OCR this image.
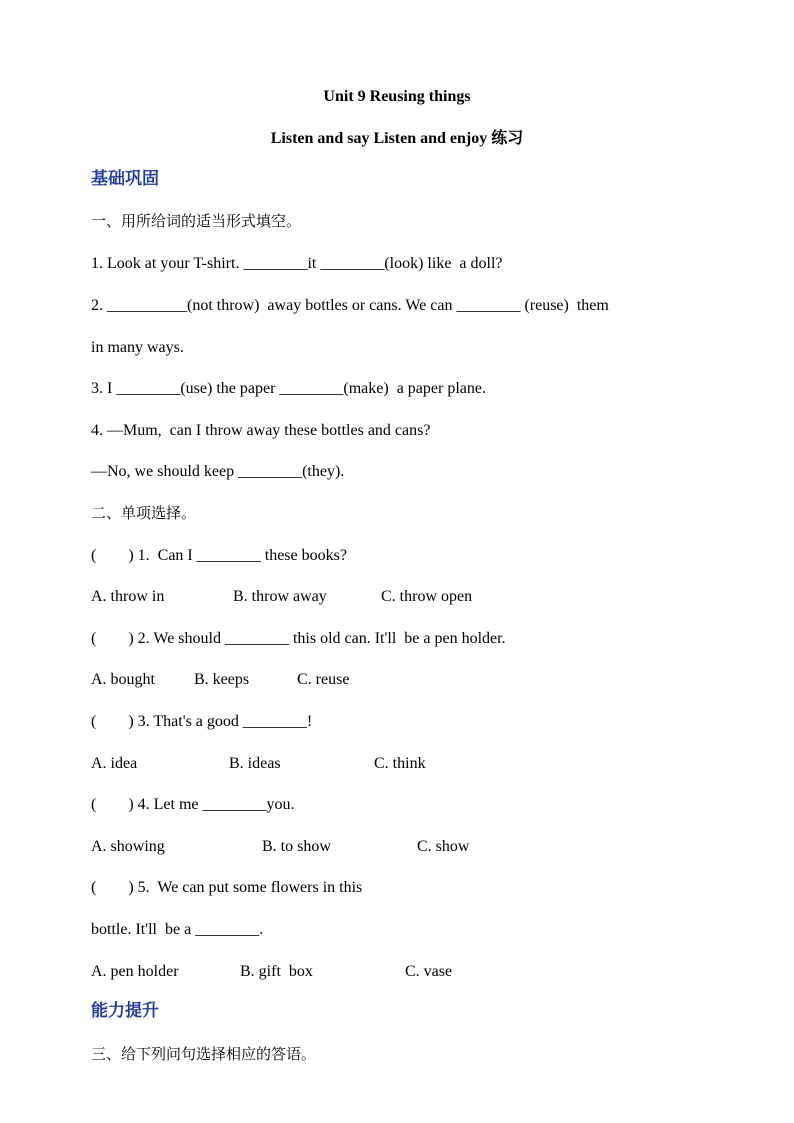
Unit 9 Reusing things
Listen and say Listen and enjoy 练习
基础巩固
一、用所给词的适当形式填空。
1. Look at your T-shirt. ________it ________(look) like  a doll?
2. __________(not throw)  away bottles or cans. We can ________ (reuse)  them
in many ways.
3. I ________(use) the paper ________(make)  a paper plane.
4. —Mum,  can I throw away these bottles and cans?
—No, we should keep ________(they).
二、单项选择。
(        ) 1.  Can I ________ these books?
A. throw in	B. throw away	C. throw open
(        ) 2. We should ________ this old can. It'll  be a pen holder.
A. bought B. keeps	C. reuse
(        ) 3. That's a good ________!
A. idea	B. ideas	C. think
(        ) 4. Let me ________you.
A. showing	B. to show	C. show
(        ) 5.  We can put some flowers in this
bottle. It'll  be a ________.
A. pen holder	B. gift  box	C. vase
能力提升
三、给下列问句选择相应的答语。
